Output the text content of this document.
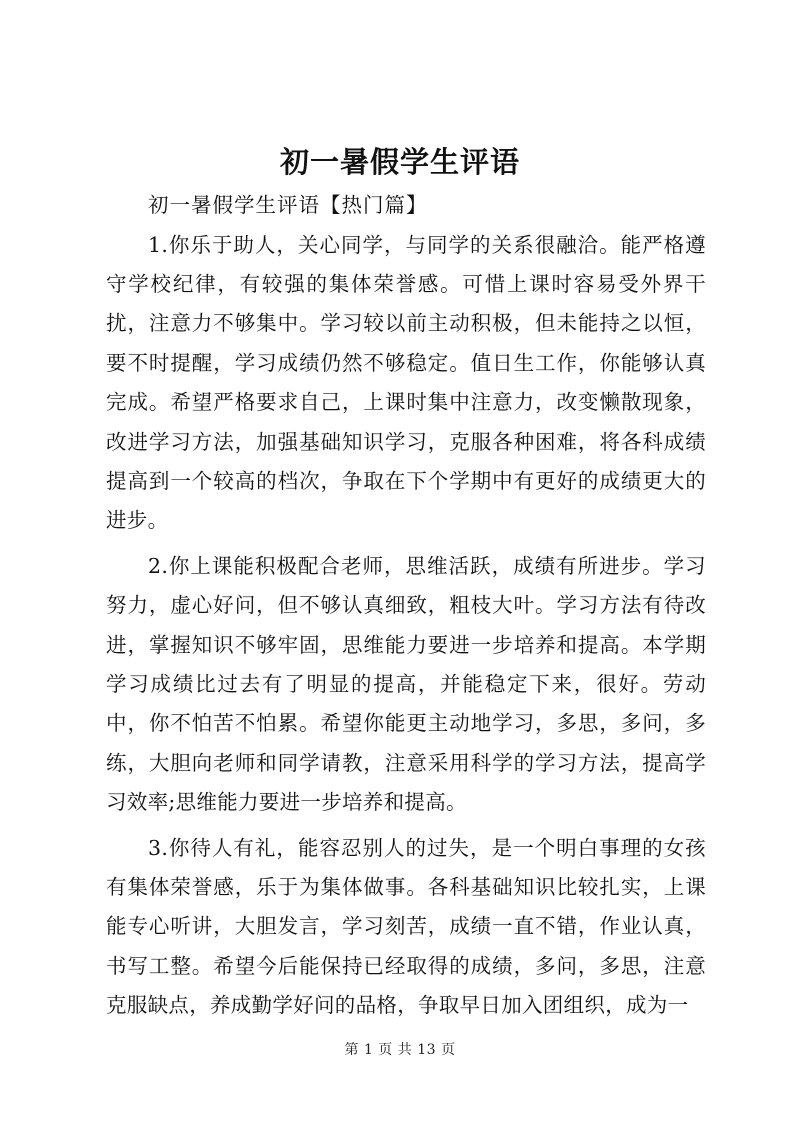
初一暑假学生评语

初一暑假学生评语【热门篇】

1.你乐于助人，关心同学，与同学的关系很融洽。能严格遵守学校纪律，有较强的集体荣誉感。可惜上课时容易受外界干扰，注意力不够集中。学习较以前主动积极，但未能持之以恒，要不时提醒，学习成绩仍然不够稳定。值日生工作，你能够认真完成。希望严格要求自己，上课时集中注意力，改变懒散现象，改进学习方法，加强基础知识学习，克服各种困难，将各科成绩提高到一个较高的档次，争取在下个学期中有更好的成绩更大的进步。

2.你上课能积极配合老师，思维活跃，成绩有所进步。学习努力，虚心好问，但不够认真细致，粗枝大叶。学习方法有待改进，掌握知识不够牢固，思维能力要进一步培养和提高。本学期学习成绩比过去有了明显的提高，并能稳定下来，很好。劳动中，你不怕苦不怕累。希望你能更主动地学习，多思，多问，多练，大胆向老师和同学请教，注意采用科学的学习方法，提高学习效率;思维能力要进一步培养和提高。

3.你待人有礼，能容忍别人的过失，是一个明白事理的女孩有集体荣誉感，乐于为集体做事。各科基础知识比较扎实，上课能专心听讲，大胆发言，学习刻苦，成绩一直不错，作业认真，书写工整。希望今后能保持已经取得的成绩，多问，多思，注意克服缺点，养成勤学好问的品格，争取早日加入团组织，成为一

第 1 页 共 13 页
